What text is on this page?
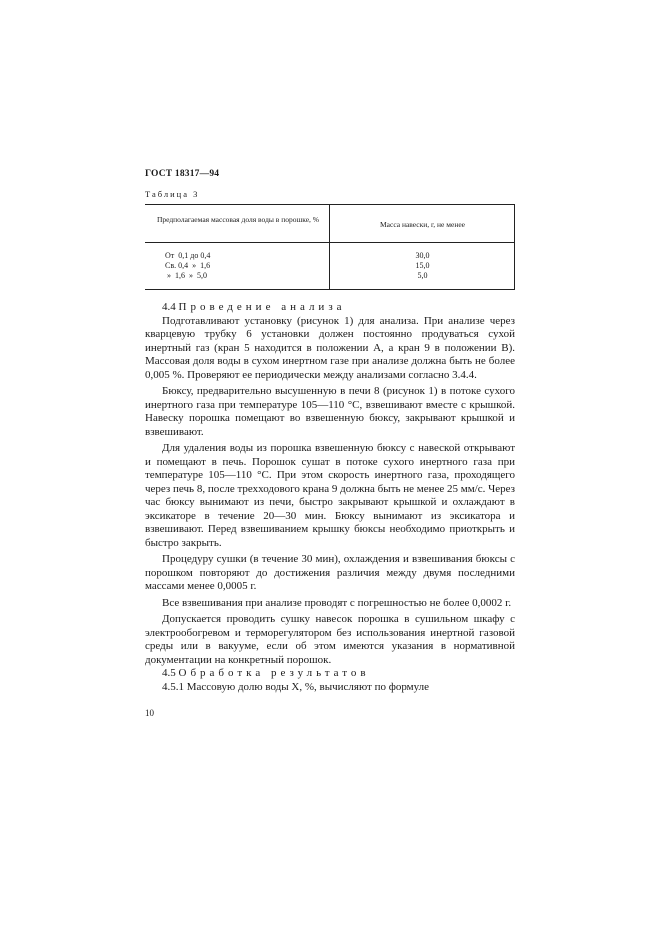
ГОСТ 18317—94
Таблица 3
Предполагаемая массовая доля воды в порошке, %
Масса навески, г, не менее
От  0,1 до 0,4
Св. 0,4  »  1,6
»  1,6  »  5,0
30,0
15,0
5,0

4.4 Проведение анализа

Подготавливают установку (рисунок 1) для анализа. При анализе через кварцевую трубку 6 установки должен постоянно продуваться сухой инертный газ (кран 5 находится в положении А, а кран 9 в положении В). Массовая доля воды в сухом инертном газе при анализе должна быть не более 0,005 %. Проверяют ее периодически между анализами согласно 3.4.4.

Бюксу, предварительно высушенную в печи 8 (рисунок 1) в потоке сухого инертного газа при температуре 105—110 °С, взвешивают вместе с крышкой. Навеску порошка помещают во взвешенную бюксу, закрывают крышкой и взвешивают.

Для удаления воды из порошка взвешенную бюксу с навеской открывают и помещают в печь. Порошок сушат в потоке сухого инертного газа при температуре 105—110 °С. При этом скорость инертного газа, проходящего через печь 8, после трехходового крана 9 должна быть не менее 25 мм/с. Через час бюксу вынимают из печи, быстро закрывают крышкой и охлаждают в эксикаторе в течение 20—30 мин. Бюксу вынимают из эксикатора и взвешивают. Перед взвешиванием крышку бюксы необходимо приоткрыть и быстро закрыть.

Процедуру сушки (в течение 30 мин), охлаждения и взвешивания бюксы с порошком повторяют до достижения различия между двумя последними массами менее 0,0005 г.

Все взвешивания при анализе проводят с погрешностью не более 0,0002 г.

Допускается проводить сушку навесок порошка в сушильном шкафу с электрообогревом и терморегулятором без использования инертной газовой среды или в вакууме, если об этом имеются указания в нормативной документации на конкретный порошок.

4.5 Обработка результатов

4.5.1 Массовую долю воды X, %, вычисляют по формуле

10
